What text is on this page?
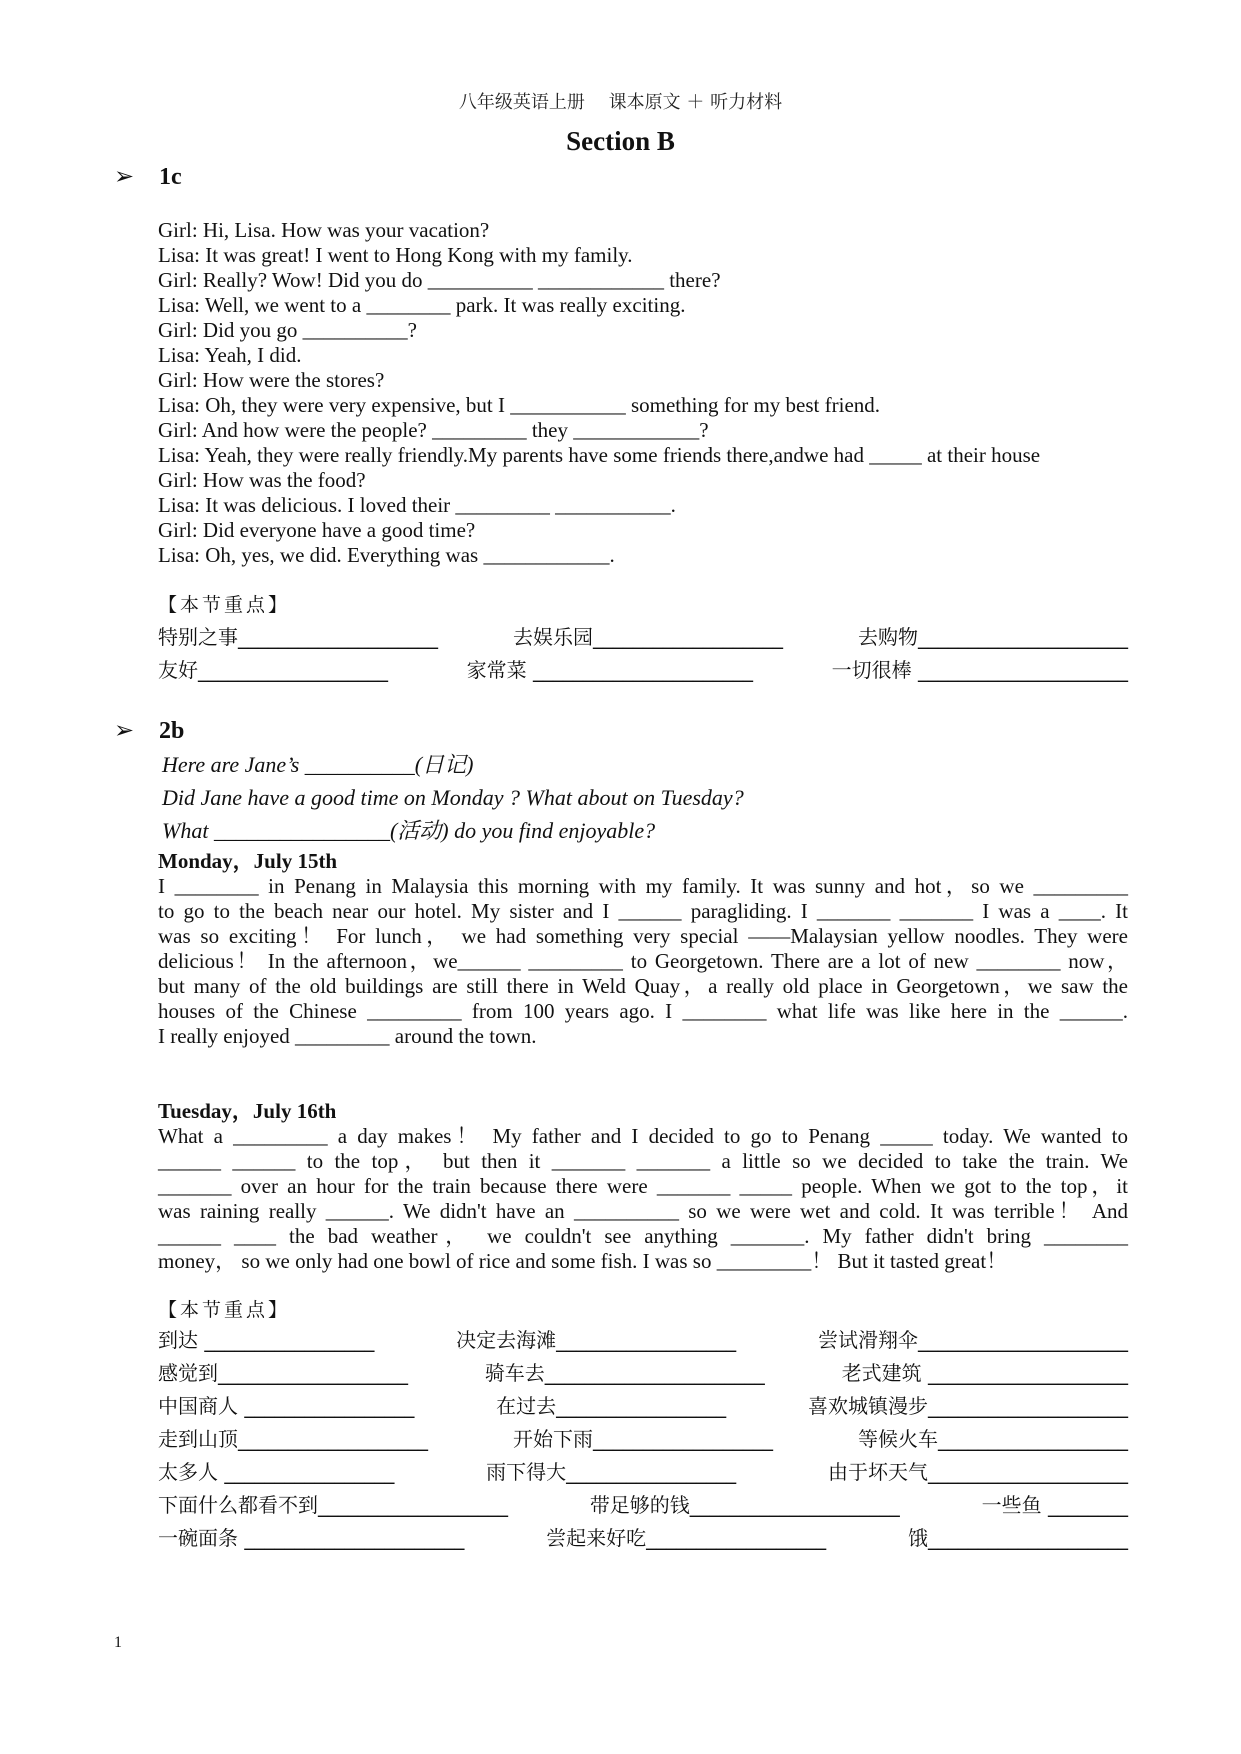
八年级英语上册　 课本原文 ＋ 听力材料
Section B
➢ 1c
Girl: Hi, Lisa. How was your vacation?
Lisa: It was great! I went to Hong Kong with my family.
Girl: Really? Wow! Did you do __________ ____________ there?
Lisa: Well, we went to a ________ park. It was really exciting.
Girl: Did you go __________?
Lisa: Yeah, I did.
Girl: How were the stores?
Lisa: Oh, they were very expensive, but I ___________ something for my best friend.
Girl: And how were the people? _________ they ____________?
Lisa: Yeah, they were really friendly.My parents have some friends there,andwe had _____ at their house
Girl: How was the food?
Lisa: It was delicious. I loved their _________ ___________.
Girl: Did everyone have a good time?
Lisa: Oh, yes, we did. Everything was ____________.
【本节重点】
特别之事____________________	去娱乐园___________________	去购物_____________________
友好___________________	家常菜 ______________________	一切很棒 _____________________
➢ 2b
Here are Jane’s __________(日记)
Did Jane have a good time on Monday ? What about on Tuesday?
What ________________(活动) do you find enjoyable?
Monday，July 15th
I ________ in Penang in Malaysia this morning with my family. It was sunny and hot，so we _________
to go to the beach near our hotel. My sister and I ______ paragliding. I _______ _______ I was a ____. It
was so exciting！ For lunch， we had something very special ——Malaysian yellow noodles. They were
delicious！ In the afternoon，we______ _________ to Georgetown. There are a lot of new ________ now，
but many of the old buildings are still there in Weld Quay，a really old place in Georgetown，we saw the
houses of the Chinese _________ from 100 years ago. I ________ what life was like here in the ______.
I really enjoyed _________ around the town.
Tuesday，July 16th
What a _________ a day makes！ My father and I decided to go to Penang _____ today. We wanted to
______ ______ to the top， but then it _______ _______ a little so we decided to take the train. We
_______ over an hour for the train because there were _______ _____ people. When we got to the top，it
was raining really ______. We didn't have an __________ so we were wet and cold. It was terrible！ And
______ ____ the bad weather， we couldn't see anything _______. My father didn't bring ________
money， so we only had one bowl of rice and some fish. I was so _________！ But it tasted great！
【本节重点】
到达 _________________	决定去海滩__________________	尝试滑翔伞_____________________
感觉到___________________	骑车去______________________	老式建筑 ____________________
中国商人 _________________	在过去_________________	喜欢城镇漫步____________________
走到山顶___________________	开始下雨__________________	等候火车___________________
太多人 _________________	雨下得大_________________	由于坏天气____________________
下面什么都看不到___________________	带足够的钱_____________________	一些鱼 ________
一碗面条 ______________________	尝起来好吃__________________	饿____________________
1
